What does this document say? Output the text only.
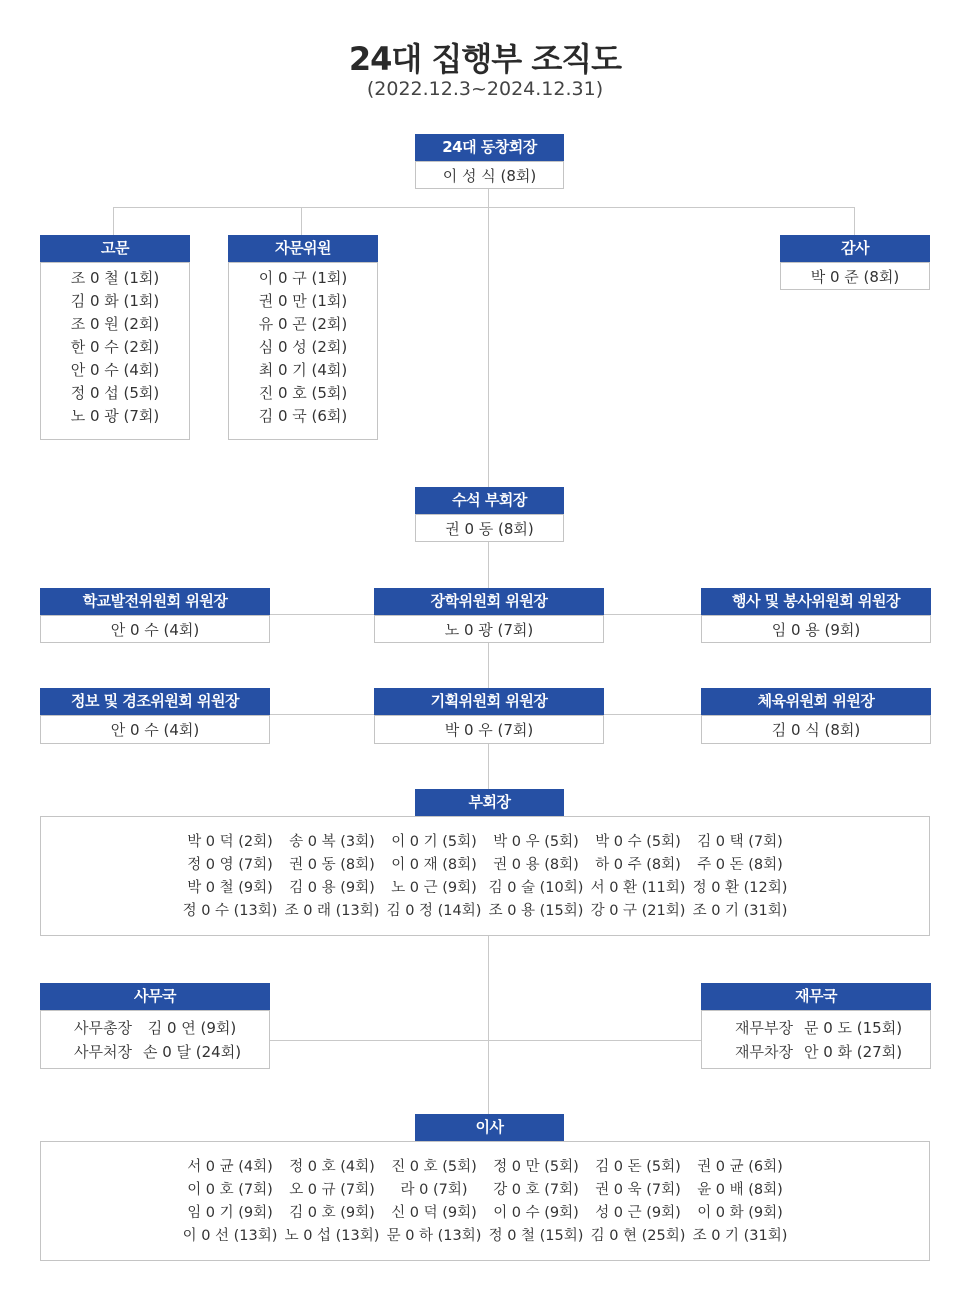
24대 집행부 조직도
(2022.12.3~2024.12.31)
24대 동창회장
이 성 식 (8회)
고문
조 0 철 (1회)
김 0 화 (1회)
조 0 원 (2회)
한 0 수 (2회)
안 0 수 (4회)
정 0 섭 (5회)
노 0 광 (7회)
자문위원
이 0 구 (1회)
권 0 만 (1회)
유 0 곤 (2회)
심 0 성 (2회)
최 0 기 (4회)
진 0 호 (5회)
김 0 국 (6회)
감사
박 0 준 (8회)
수석 부회장
권 0 동 (8회)
학교발전위원회 위원장
안 0 수 (4회)
장학위원회 위원장
노 0 광 (7회)
행사 및 봉사위원회 위원장
임 0 용 (9회)
정보 및 경조위원회 위원장
안 0 수 (4회)
기획위원회 위원장
박 0 우 (7회)
체육위원회 위원장
김 0 식 (8회)
부회장
박 0 덕 (2회)	송 0 복 (3회)	이 0 기 (5회)	박 0 우 (5회)	박 0 수 (5회)	김 0 택 (7회)
정 0 영 (7회)	권 0 동 (8회)	이 0 재 (8회)	권 0 용 (8회)	하 0 주 (8회)	주 0 돈 (8회)
박 0 철 (9회)	김 0 용 (9회)	노 0 근 (9회) 김 0 술 (10회) 서 0 환 (11회) 정 0 환 (12회)
정 0 수 (13회) 조 0 래 (13회) 김 0 정 (14회) 조 0 용 (15회) 강 0 구 (21회) 조 0 기 (31회)
사무국
사무총장	김 0 연 (9회)
사무처장 손 0 달 (24회)
재무국
재무부장 문 0 도 (15회)
재무차장 안 0 화 (27회)
이사
서 0 균 (4회)	정 0 호 (4회)	진 0 호 (5회)	정 0 만 (5회)	김 0 돈 (5회)	권 0 균 (6회)
이 0 호 (7회)	오 0 규 (7회)	라 0 (7회)	강 0 호 (7회)	권 0 욱 (7회)	윤 0 배 (8회)
임 0 기 (9회)	김 0 호 (9회)	신 0 덕 (9회)	이 0 수 (9회)	성 0 근 (9회)	이 0 화 (9회)
이 0 선 (13회) 노 0 섭 (13회) 문 0 하 (13회) 정 0 철 (15회) 김 0 현 (25회) 조 0 기 (31회)
